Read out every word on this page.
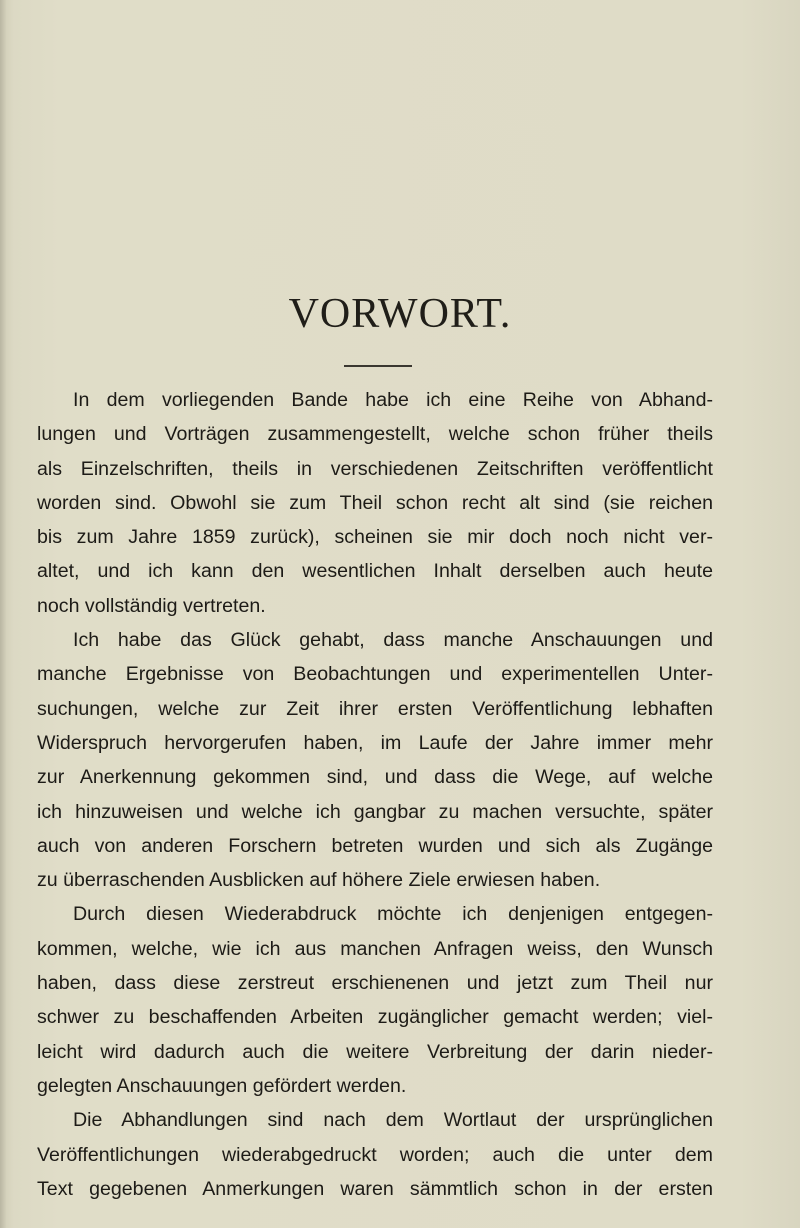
VORWORT.
In dem vorliegenden Bande habe ich eine Reihe von Abhand-
lungen und Vorträgen zusammengestellt, welche schon früher theils
als Einzelschriften, theils in verschiedenen Zeitschriften veröffentlicht
worden sind. Obwohl sie zum Theil schon recht alt sind (sie reichen
bis zum Jahre 1859 zurück), scheinen sie mir doch noch nicht ver-
altet, und ich kann den wesentlichen Inhalt derselben auch heute
noch vollständig vertreten.
Ich habe das Glück gehabt, dass manche Anschauungen und
manche Ergebnisse von Beobachtungen und experimentellen Unter-
suchungen, welche zur Zeit ihrer ersten Veröffentlichung lebhaften
Widerspruch hervorgerufen haben, im Laufe der Jahre immer mehr
zur Anerkennung gekommen sind, und dass die Wege, auf welche
ich hinzuweisen und welche ich gangbar zu machen versuchte, später
auch von anderen Forschern betreten wurden und sich als Zugänge
zu überraschenden Ausblicken auf höhere Ziele erwiesen haben.
Durch diesen Wiederabdruck möchte ich denjenigen entgegen-
kommen, welche, wie ich aus manchen Anfragen weiss, den Wunsch
haben, dass diese zerstreut erschienenen und jetzt zum Theil nur
schwer zu beschaffenden Arbeiten zugänglicher gemacht werden; viel-
leicht wird dadurch auch die weitere Verbreitung der darin nieder-
gelegten Anschauungen gefördert werden.
Die Abhandlungen sind nach dem Wortlaut der ursprünglichen
Veröffentlichungen wiederabgedruckt worden; auch die unter dem
Text gegebenen Anmerkungen waren sämmtlich schon in der ersten
